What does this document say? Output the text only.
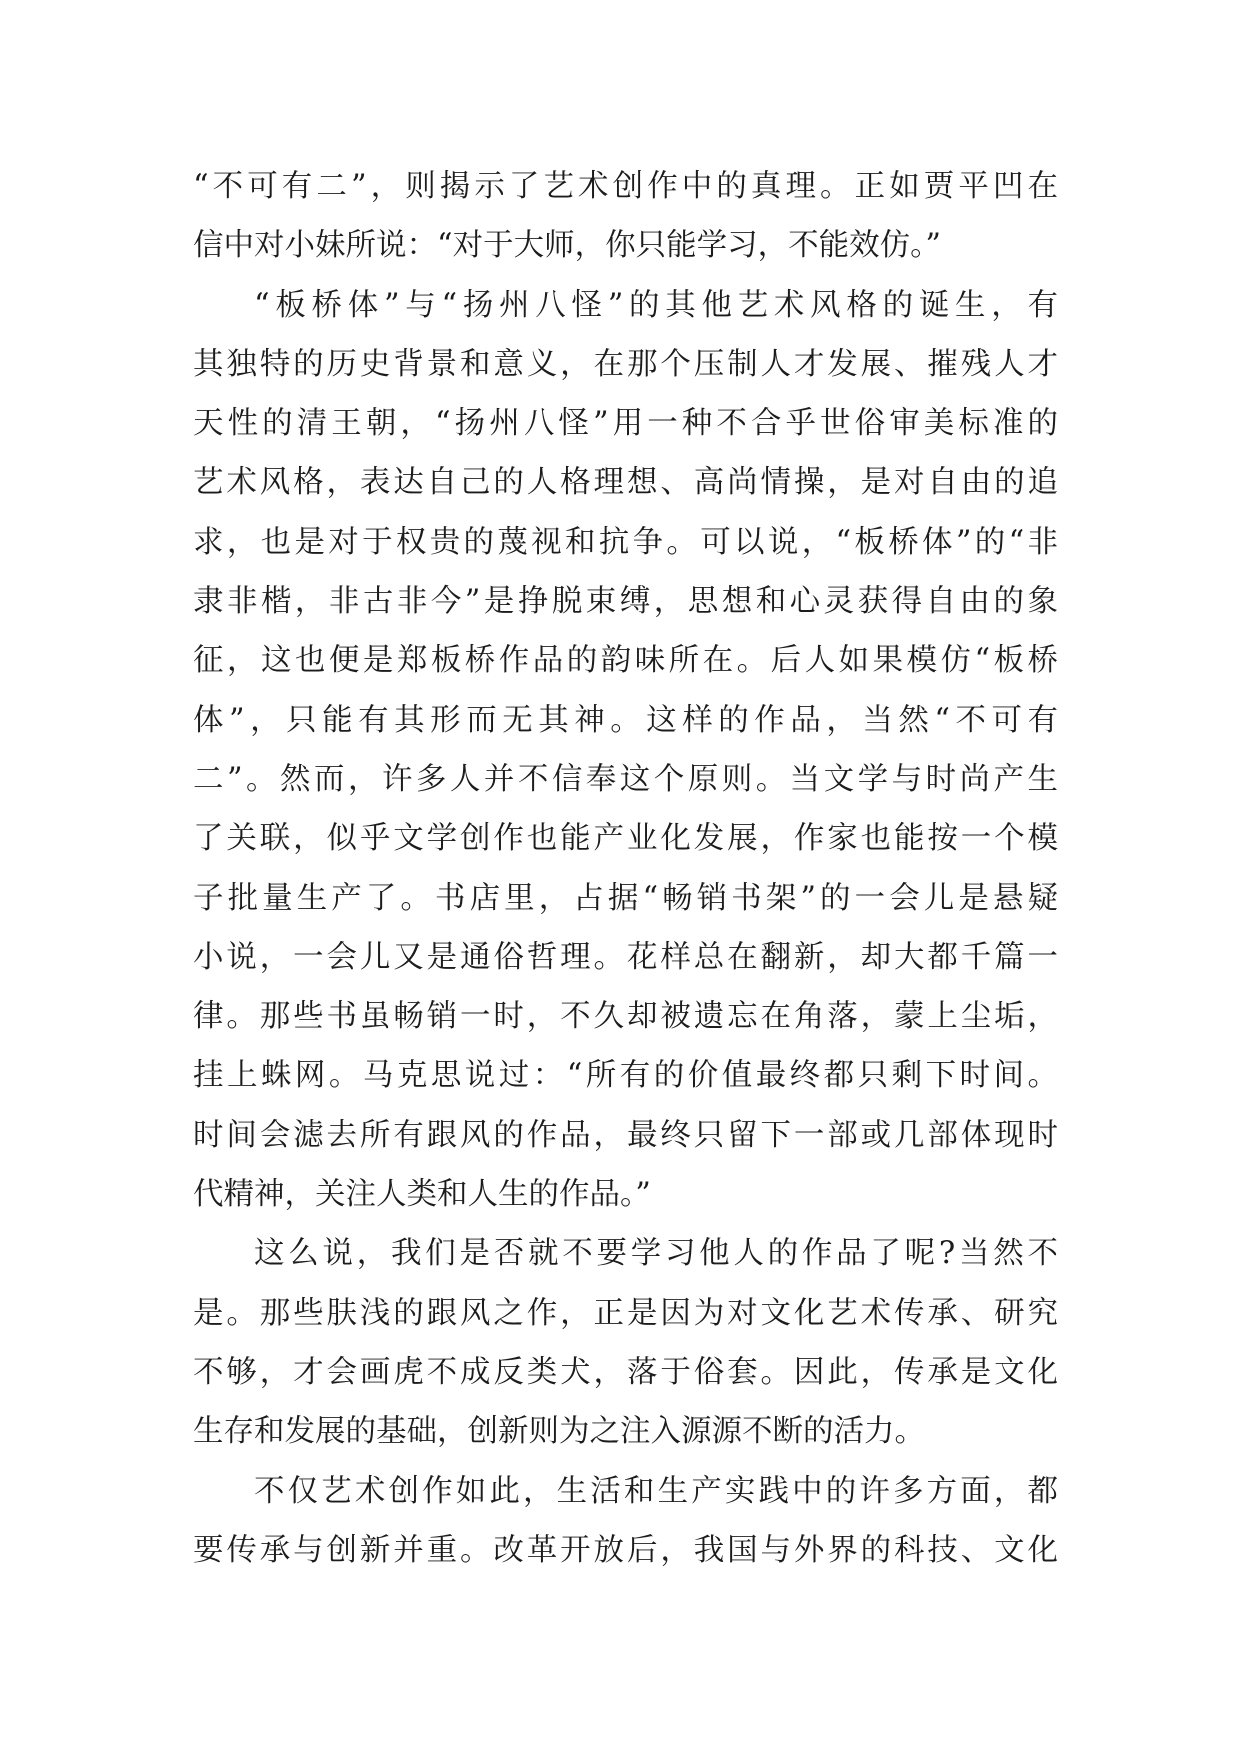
“不可有二”，则揭示了艺术创作中的真理。正如贾平凹在
信中对小妹所说：“对于大师，你只能学习，不能效仿。”
“板桥体”与“扬州八怪”的其他艺术风格的诞生，有
其独特的历史背景和意义，在那个压制人才发展、摧残人才
天性的清王朝，“扬州八怪”用一种不合乎世俗审美标准的
艺术风格，表达自己的人格理想、高尚情操，是对自由的追
求，也是对于权贵的蔑视和抗争。可以说，“板桥体”的“非
隶非楷，非古非今”是挣脱束缚，思想和心灵获得自由的象
征，这也便是郑板桥作品的韵味所在。后人如果模仿“板桥
体”，只能有其形而无其神。这样的作品，当然“不可有
二”。然而，许多人并不信奉这个原则。当文学与时尚产生
了关联，似乎文学创作也能产业化发展，作家也能按一个模
子批量生产了。书店里，占据“畅销书架”的一会儿是悬疑
小说，一会儿又是通俗哲理。花样总在翻新，却大都千篇一
律。那些书虽畅销一时，不久却被遗忘在角落，蒙上尘垢，
挂上蛛网。马克思说过：“所有的价值最终都只剩下时间。
时间会滤去所有跟风的作品，最终只留下一部或几部体现时
代精神，关注人类和人生的作品。”
这么说，我们是否就不要学习他人的作品了呢?当然不
是。那些肤浅的跟风之作，正是因为对文化艺术传承、研究
不够，才会画虎不成反类犬，落于俗套。因此，传承是文化
生存和发展的基础，创新则为之注入源源不断的活力。
不仅艺术创作如此，生活和生产实践中的许多方面，都
要传承与创新并重。改革开放后，我国与外界的科技、文化
